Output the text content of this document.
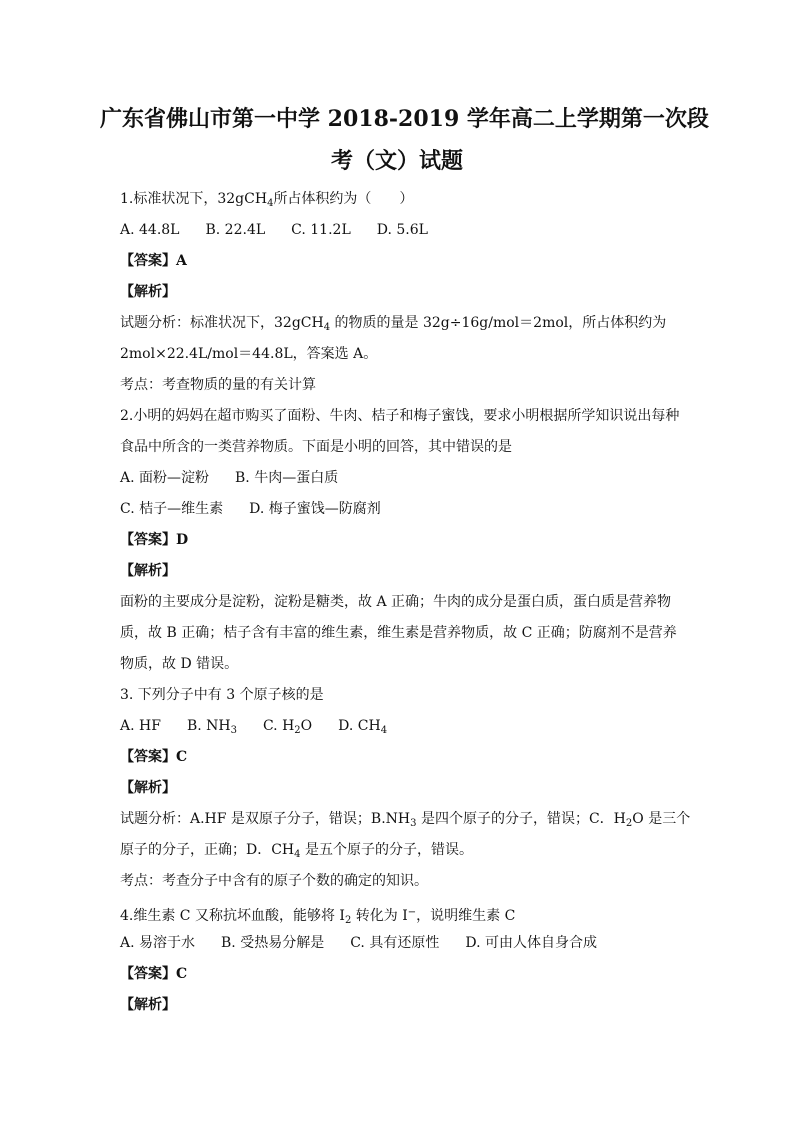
广东省佛山市第一中学 2018-2019 学年高二上学期第一次段
考（文）试题
1.标准状况下，32gCH$_4$所占体积约为（　　）
A. 44.8L B. 22.4L C. 11.2L D. 5.6L
【答案】A
【解析】
试题分析：标准状况下，32gCH$_4$ 的物质的量是 32g÷16g/mol＝2mol，所占体积约为
2mol×22.4L/mol＝44.8L，答案选 A。
考点：考查物质的量的有关计算
2.小明的妈妈在超市购买了面粉、牛肉、桔子和梅子蜜饯，要求小明根据所学知识说出每种
食品中所含的一类营养物质。下面是小明的回答，其中错误的是
A. 面粉—淀粉 B. 牛肉—蛋白质
C. 桔子—维生素 D. 梅子蜜饯—防腐剂
【答案】D
【解析】
面粉的主要成分是淀粉，淀粉是糖类，故 A 正确；牛肉的成分是蛋白质，蛋白质是营养物
质，故 B 正确；桔子含有丰富的维生素，维生素是营养物质，故 C 正确；防腐剂不是营养
物质，故 D 错误。
3. 下列分子中有 3 个原子核的是
A. HF B. $NH_3$ C. $H_2O$ D. $CH_4$
【答案】C
【解析】
试题分析：A.HF 是双原子分子，错误；$B.NH_3$ 是四个原子的分子，错误；C．$H_2O$ 是三个
原子的分子，正确；D．$CH_4$ 是五个原子的分子，错误。
考点：考查分子中含有的原子个数的确定的知识。
4.维生素 C 又称抗坏血酸，能够将 $I_2$ 转化为 I−，说明维生素 C
A. 易溶于水 B. 受热易分解是 C. 具有还原性 D. 可由人体自身合成
【答案】C
【解析】
